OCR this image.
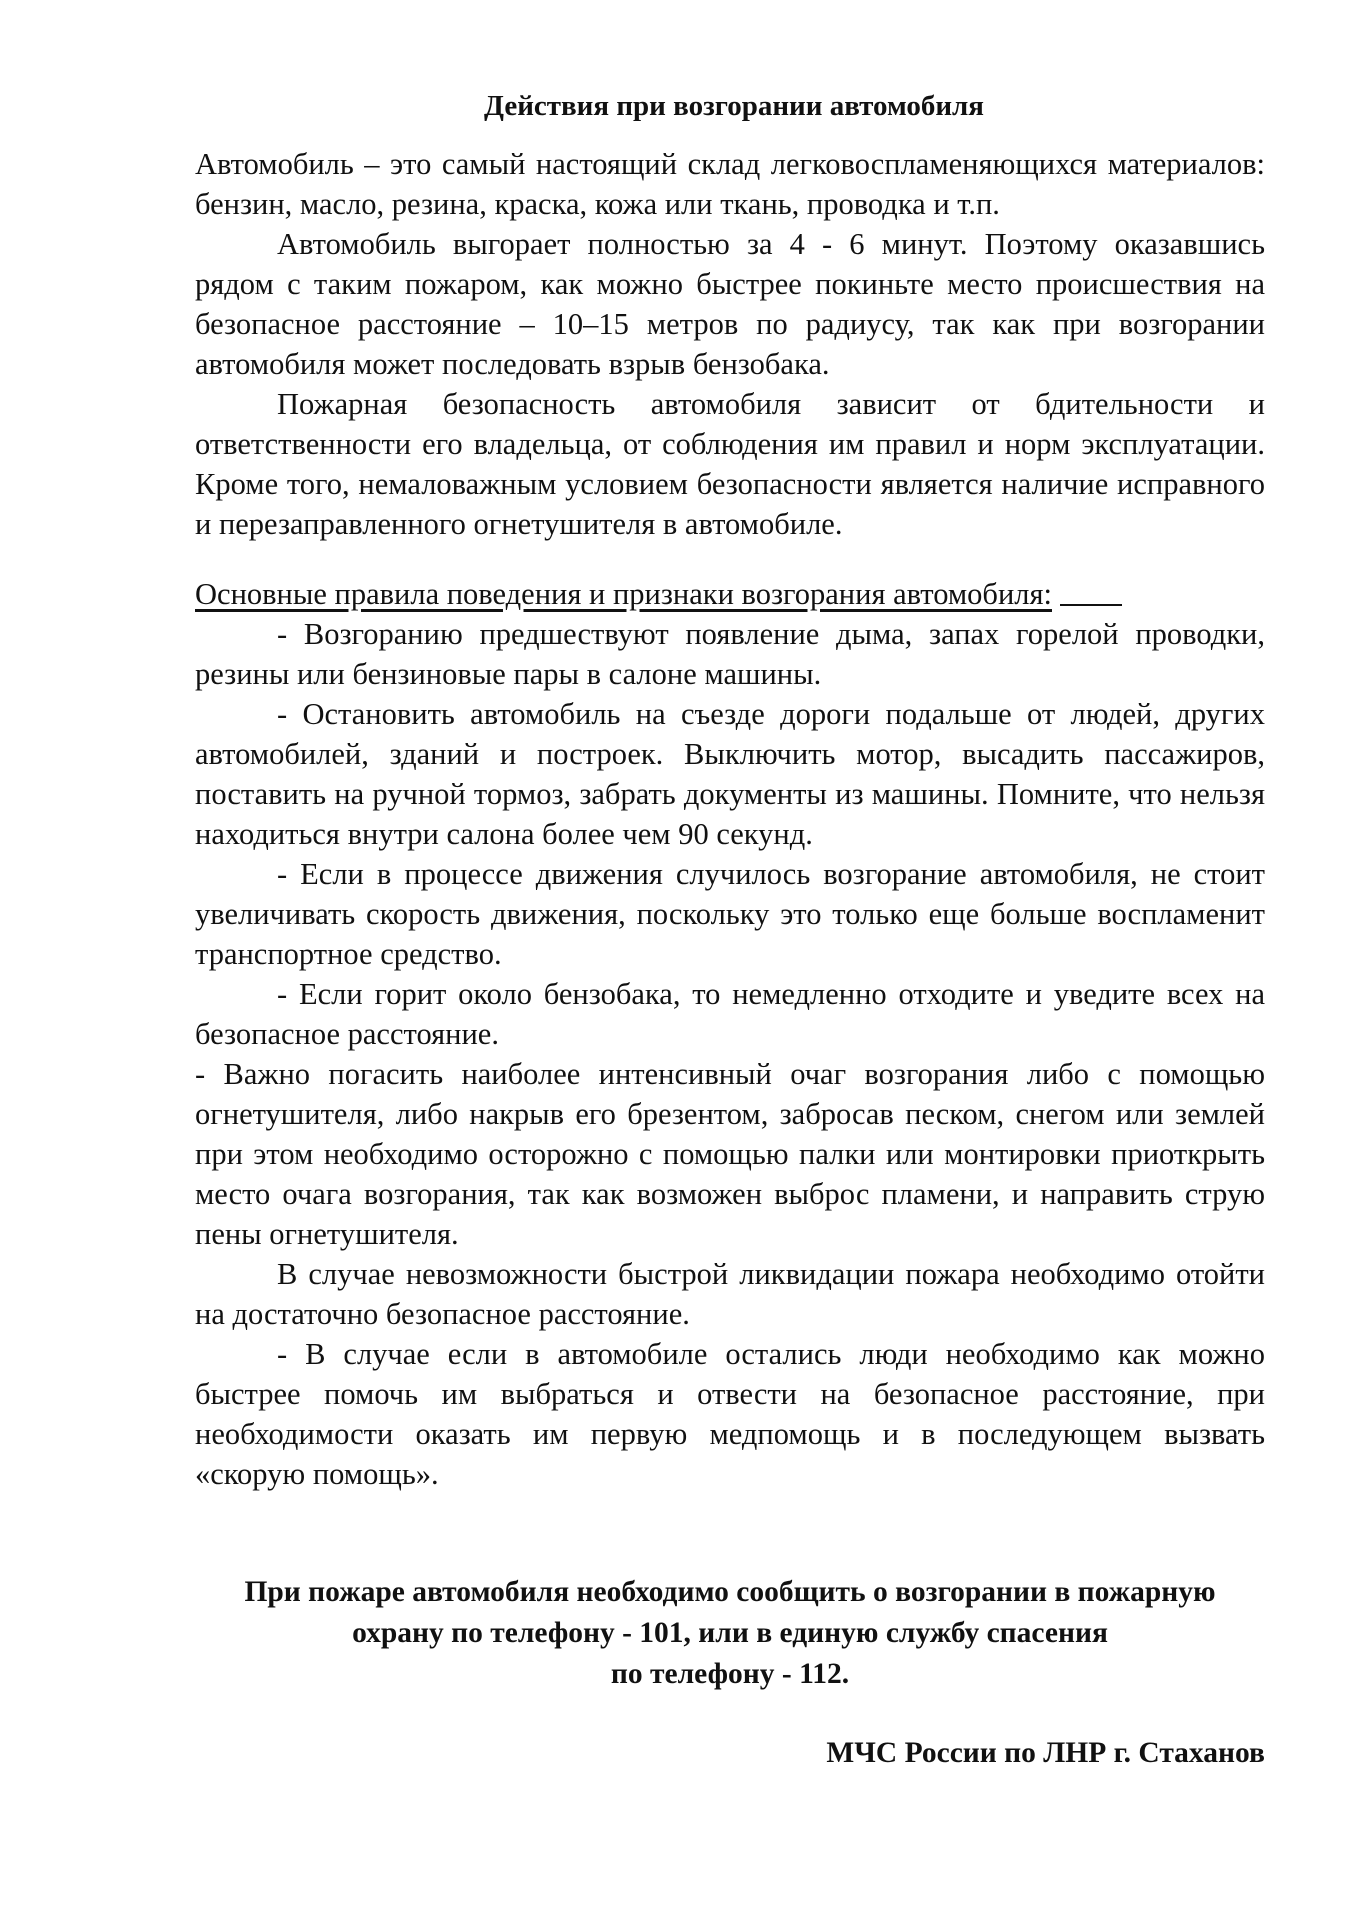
Действия при возгорании автомобиля

Автомобиль – это самый настоящий склад легковоспламеняющихся материалов: бензин, масло, резина, краска, кожа или ткань, проводка и т.п.

Автомобиль выгорает полностью за 4 - 6 минут. Поэтому оказавшись рядом с таким пожаром, как можно быстрее покиньте место происшествия на безопасное расстояние – 10–15 метров по радиусу, так как при возгорании автомобиля может последовать взрыв бензобака.

Пожарная безопасность автомобиля зависит от бдительности и ответственности его владельца, от соблюдения им правил и норм эксплуатации. Кроме того, немаловажным условием безопасности является наличие исправного и перезаправленного огнетушителя в автомобиле.

Основные правила поведения и признаки возгорания автомобиля:

- Возгоранию предшествуют появление дыма, запах горелой проводки, резины или бензиновые пары в салоне машины.

- Остановить автомобиль на съезде дороги подальше от людей, других автомобилей, зданий и построек. Выключить мотор, высадить пассажиров, поставить на ручной тормоз, забрать документы из машины. Помните, что нельзя находиться внутри салона более чем 90 секунд.

- Если в процессе движения случилось возгорание автомобиля, не стоит увеличивать скорость движения, поскольку это только еще больше воспламенит транспортное средство.

- Если горит около бензобака, то немедленно отходите и уведите всех на безопасное расстояние.

- Важно погасить наиболее интенсивный очаг возгорания либо с помощью огнетушителя, либо накрыв его брезентом, забросав песком, снегом или землей при этом необходимо осторожно с помощью палки или монтировки приоткрыть место очага возгорания, так как возможен выброс пламени, и направить струю пены огнетушителя.

В случае невозможности быстрой ликвидации пожара необходимо отойти на достаточно безопасное расстояние.

- В случае если в автомобиле остались люди необходимо как можно быстрее помочь им выбраться и отвести на безопасное расстояние, при необходимости оказать им первую медпомощь и в последующем вызвать «скорую помощь».

При пожаре автомобиля необходимо сообщить о возгорании в пожарную

охрану по телефону - 101, или в единую службу спасения

по телефону - 112.

МЧС России по ЛНР г. Стаханов
